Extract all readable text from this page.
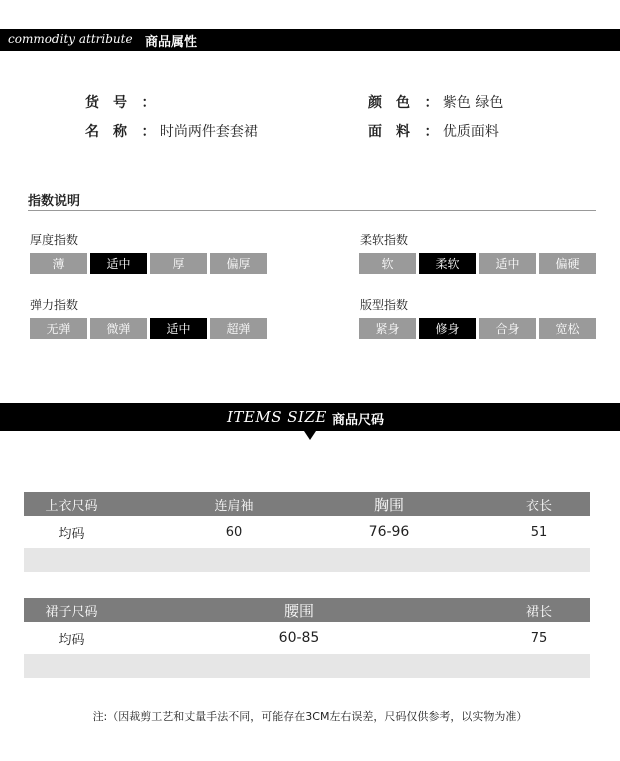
commodity attribute 商品属性
货　号 ：
名　称 ： 时尚两件套套裙
颜　色 ： 紫色 绿色
面　料 ： 优质面料
指数说明
厚度指数
薄	适中	厚	偏厚
柔软指数
软	柔软	适中	偏硬
弹力指数
无弹	微弹	适中	超弹
版型指数
紧身	修身	合身	宽松
ITEMS SIZE 商品尺码
上衣尺码	连肩袖	胸围	衣长
均码	60	76-96	51
裙子尺码	腰围	裙长
均码	60-85	75
注:（因裁剪工艺和丈量手法不同，可能存在3CM左右误差，尺码仅供参考，以实物为准）
